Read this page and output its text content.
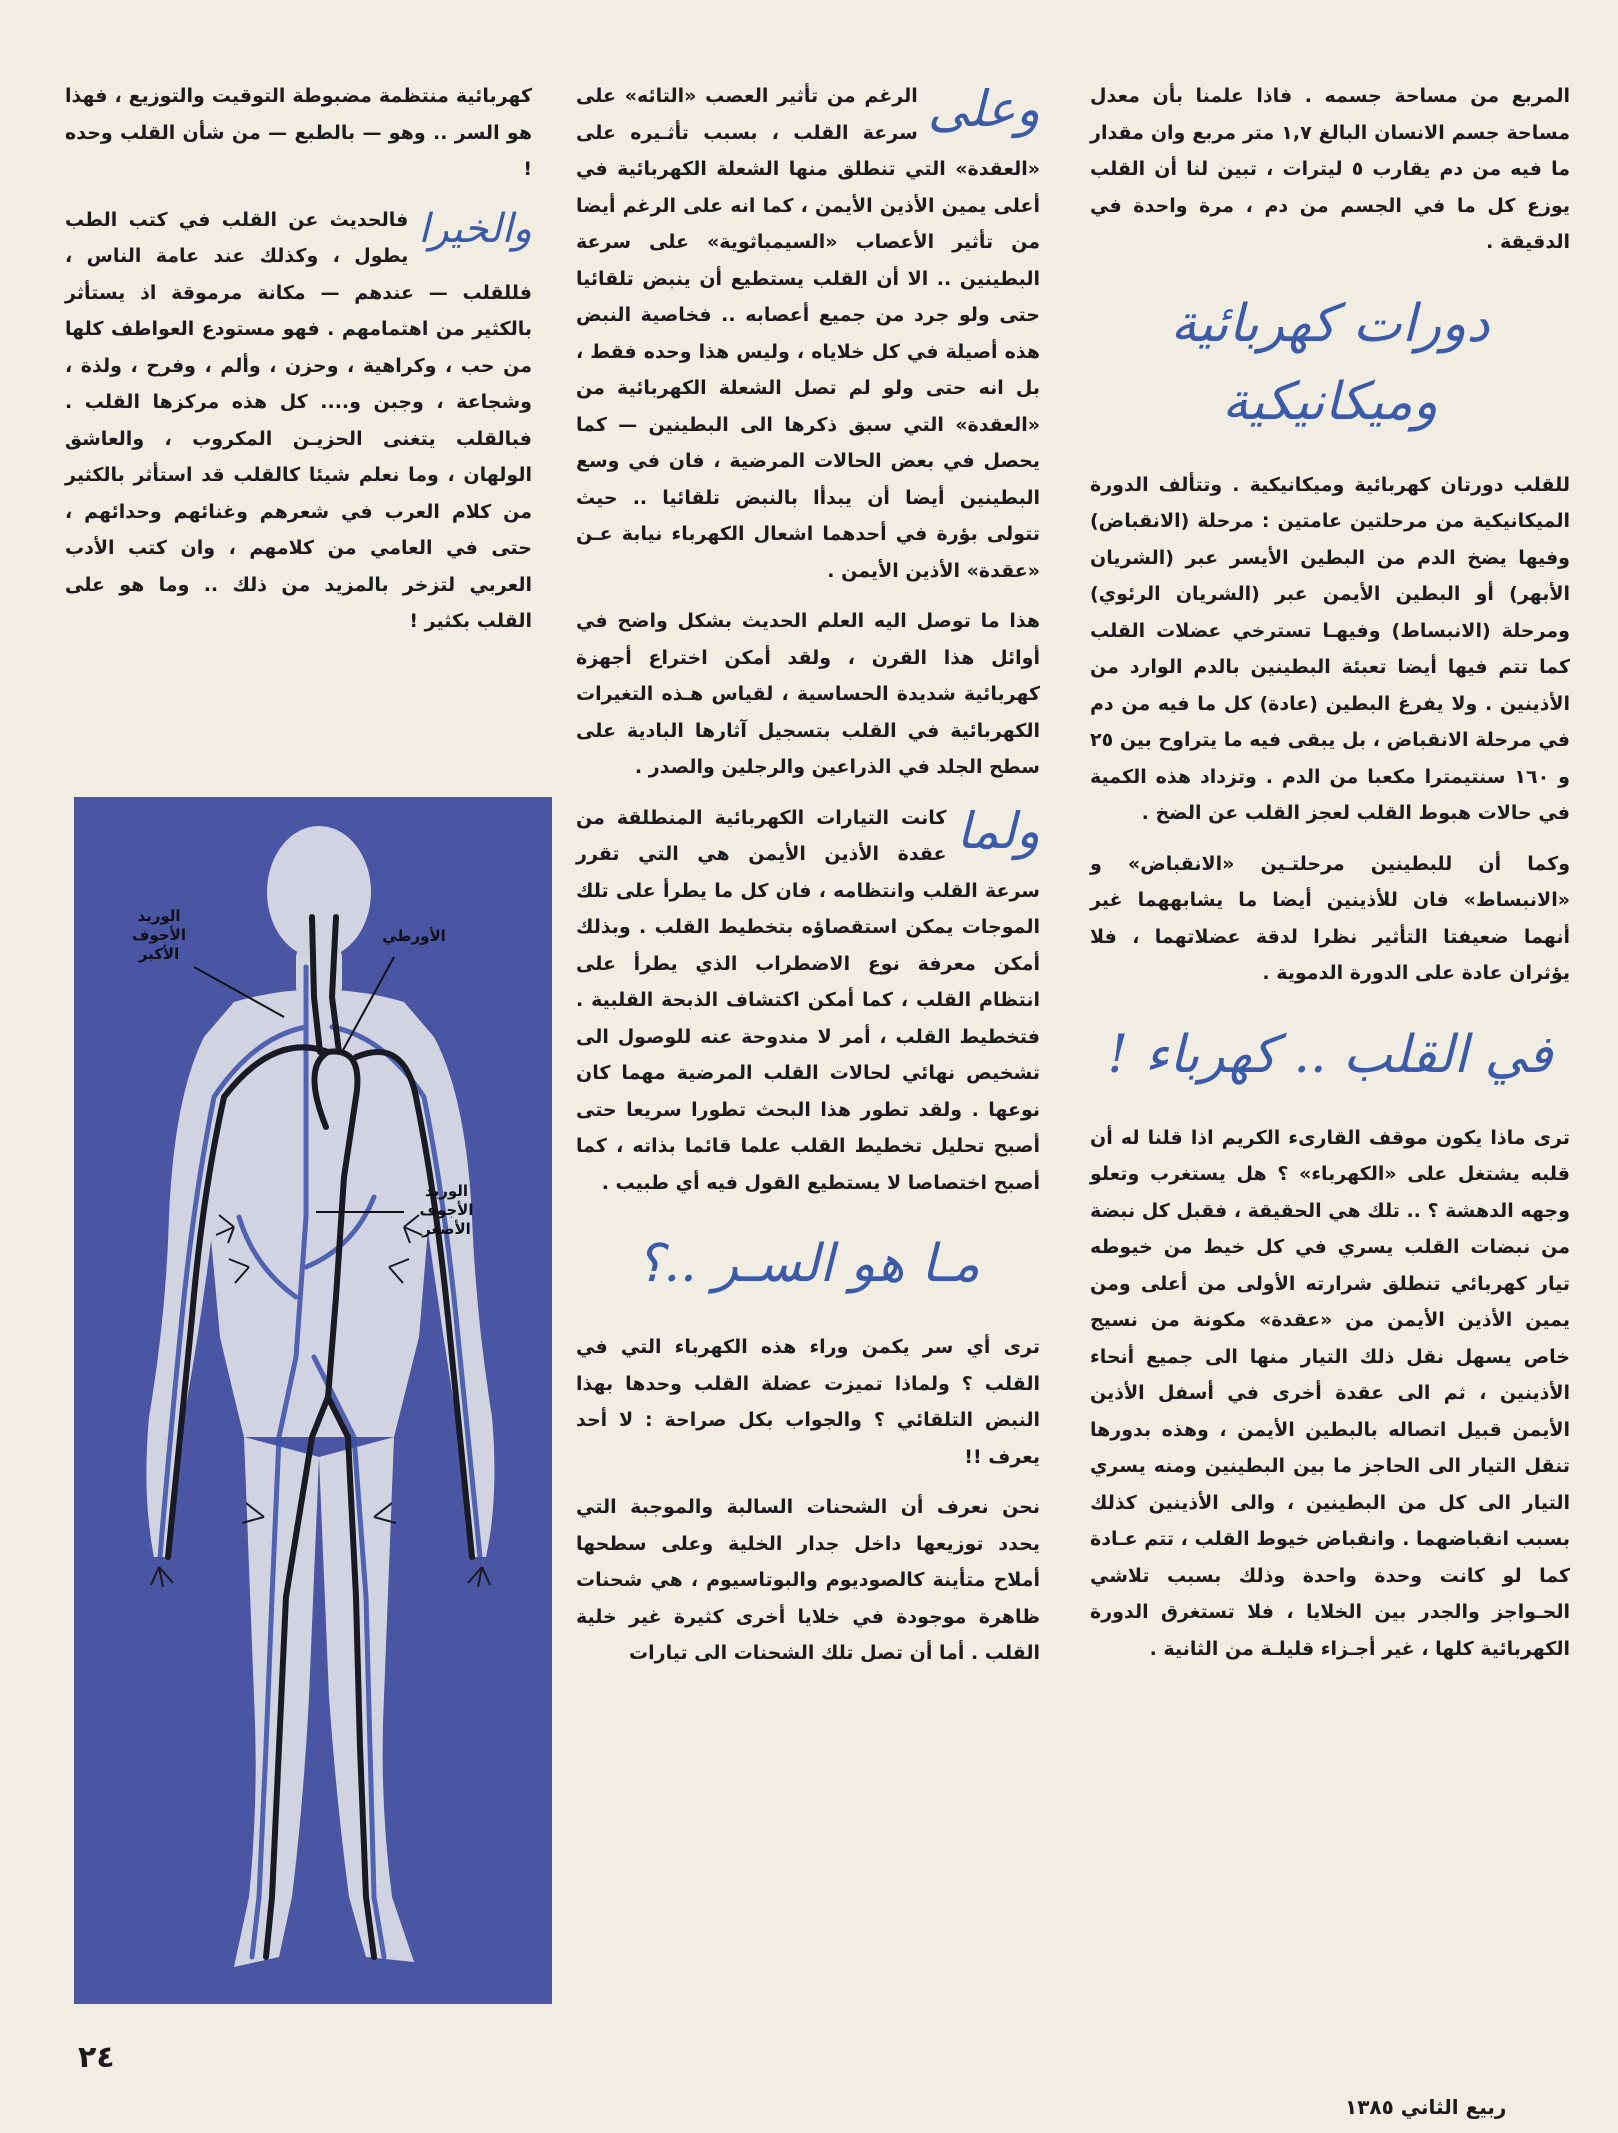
المربع من مساحة جسمه . فاذا علمنا بأن معدل مساحة جسم الانسان البالغ ١,٧ متر مربع وان مقدار ما فيه من دم يقارب ٥ ليترات ، تبين لنا أن القلب يوزع كل ما في الجسم من دم ، مرة واحدة في الدقيقة .

دورات كهربائية وميكانيكية

للقلب دورتان كهربائية وميكانيكية . وتتألف الدورة الميكانيكية من مرحلتين عامتين : مرحلة (الانقباض) وفيها يضخ الدم من البطين الأيسر عبر (الشريان الأبهر) أو البطين الأيمن عبر (الشريان الرئوي) ومرحلة (الانبساط) وفيهـا تسترخي عضلات القلب كما تتم فيها أيضا تعبئة البطينين بالدم الوارد من الأذينين . ولا يفرغ البطين (عادة) كل ما فيه من دم في مرحلة الانقباض ، بل يبقى فيه ما يتراوح بين ٢٥ و ١٦٠ سنتيمترا مكعبا من الدم . وتزداد هذه الكمية في حالات هبوط القلب لعجز القلب عن الضخ .

وكما أن للبطينين مرحلتـين «الانقباض» و «الانبساط» فان للأذينين أيضا ما يشابههما غير أنهما ضعيفتا التأثير نظرا لدقة عضلاتهما ، فلا يؤثران عادة على الدورة الدموية .

في القلب .. كهرباء !

ترى ماذا يكون موقف القارىء الكريم اذا قلنا له أن قلبه يشتغل على «الكهرباء» ؟ هل يستغرب وتعلو وجهه الدهشة ؟ .. تلك هي الحقيقة ، فقبل كل نبضة من نبضات القلب يسري في كل خيط من خيوطه تيار كهربائي تنطلق شرارته الأولى من أعلى ومن يمين الأذين الأيمن من «عقدة» مكونة من نسيج خاص يسهل نقل ذلك التيار منها الى جميع أنحاء الأذينين ، ثم الى عقدة أخرى في أسفل الأذين الأيمن قبيل اتصاله بالبطين الأيمن ، وهذه بدورها تنقل التيار الى الحاجز ما بين البطينين ومنه يسري التيار الى كل من البطينين ، والى الأذينين كذلك بسبب انقباضهما . وانقباض خيوط القلب ، تتم عـادة كما لو كانت وحدة واحدة وذلك بسبب تلاشي الحـواجز والجدر بين الخلايا ، فلا تستغرق الدورة الكهربائية كلها ، غير أجـزاء قليلـة من الثانية .

وعلى
الرغم من تأثير العصب «التائه» على سرعة القلب ، بسبب تأثـيره على «العقدة» التي تنطلق منها الشعلة الكهربائية في أعلى يمين الأذين الأيمن ، كما انه على الرغم أيضا من تأثير الأعصاب «السيمباثوية» على سرعة البطينين .. الا أن القلب يستطيع أن ينبض تلقائيا حتى ولو جرد من جميع أعصابه .. فخاصية النبض هذه أصيلة في كل خلاياه ، وليس هذا وحده فقط ، بل انه حتى ولو لم تصل الشعلة الكهربائية من «العقدة» التي سبق ذكرها الى البطينين — كما يحصل في بعض الحالات المرضية ، فان في وسع البطينين أيضا أن يبدأا بالنبض تلقائيا .. حيث تتولى بؤرة في أحدهما اشعال الكهرباء نيابة عـن «عقدة» الأذين الأيمن .

هذا ما توصل اليه العلم الحديث بشكل واضح في أوائل هذا القرن ، ولقد أمكن اختراع أجهزة كهربائية شديدة الحساسية ، لقياس هـذه التغيرات الكهربائية في القلب بتسجيل آثارها البادية على سطح الجلد في الذراعين والرجلين والصدر .

ولما
كانت التيارات الكهربائية المنطلقة من عقدة الأذين الأيمن هي التي تقرر سرعة القلب وانتظامه ، فان كل ما يطرأ على تلك الموجات يمكن استقصاؤه بتخطيط القلب . وبذلك أمكن معرفة نوع الاضطراب الذي يطرأ على انتظام القلب ، كما أمكن اكتشاف الذبحة القلبية . فتخطيط القلب ، أمر لا مندوحة عنه للوصول الى تشخيص نهائي لحالات القلب المرضية مهما كان نوعها . ولقد تطور هذا البحث تطورا سريعا حتى أصبح تحليل تخطيط القلب علما قائما بذاته ، كما أصبح اختصاصا لا يستطيع القول فيه أي طبيب .

مـا هو السـر ..؟

ترى أي سر يكمن وراء هذه الكهرباء التي في القلب ؟ ولماذا تميزت عضلة القلب وحدها بهذا النبض التلقائي ؟ والجواب بكل صراحة : لا أحد يعرف !!

نحن نعرف أن الشحنات السالبة والموجبة التي يحدد توزيعها داخل جدار الخلية وعلى سطحها أملاح متأينة كالصوديوم والبوتاسيوم ، هي شحنات ظاهرة موجودة في خلايا أخرى كثيرة غير خلية القلب . أما أن تصل تلك الشحنات الى تيارات

كهربائية منتظمة مضبوطة التوقيت والتوزيع ، فهذا هو السر .. وهو — بالطبع — من شأن القلب وحده !

والخيرا
فالحديث عن القلب في كتب الطب يطول ، وكذلك عند عامة الناس ، فللقلب — عندهم — مكانة مرموقة اذ يستأثر بالكثير من اهتمامهم . فهو مستودع العواطف كلها من حب ، وكراهية ، وحزن ، وألم ، وفرح ، ولذة ، وشجاعة ، وجبن و.... كل هذه مركزها القلب . فبالقلب يتغنى الحزيـن المكروب ، والعاشق الولهان ، وما نعلم شيئا كالقلب قد استأثر بالكثير من كلام العرب في شعرهم وغنائهم وحدائهم ، حتى في العامي من كلامهم ، وان كتب الأدب العربي لتزخر بالمزيد من ذلك .. وما هو على القلب بكثير !

الوريد الأجوف الأكبر
الأورطي
الوريد الأجوف الأصغر
٢٤
ربيع الثاني ١٣٨٥
